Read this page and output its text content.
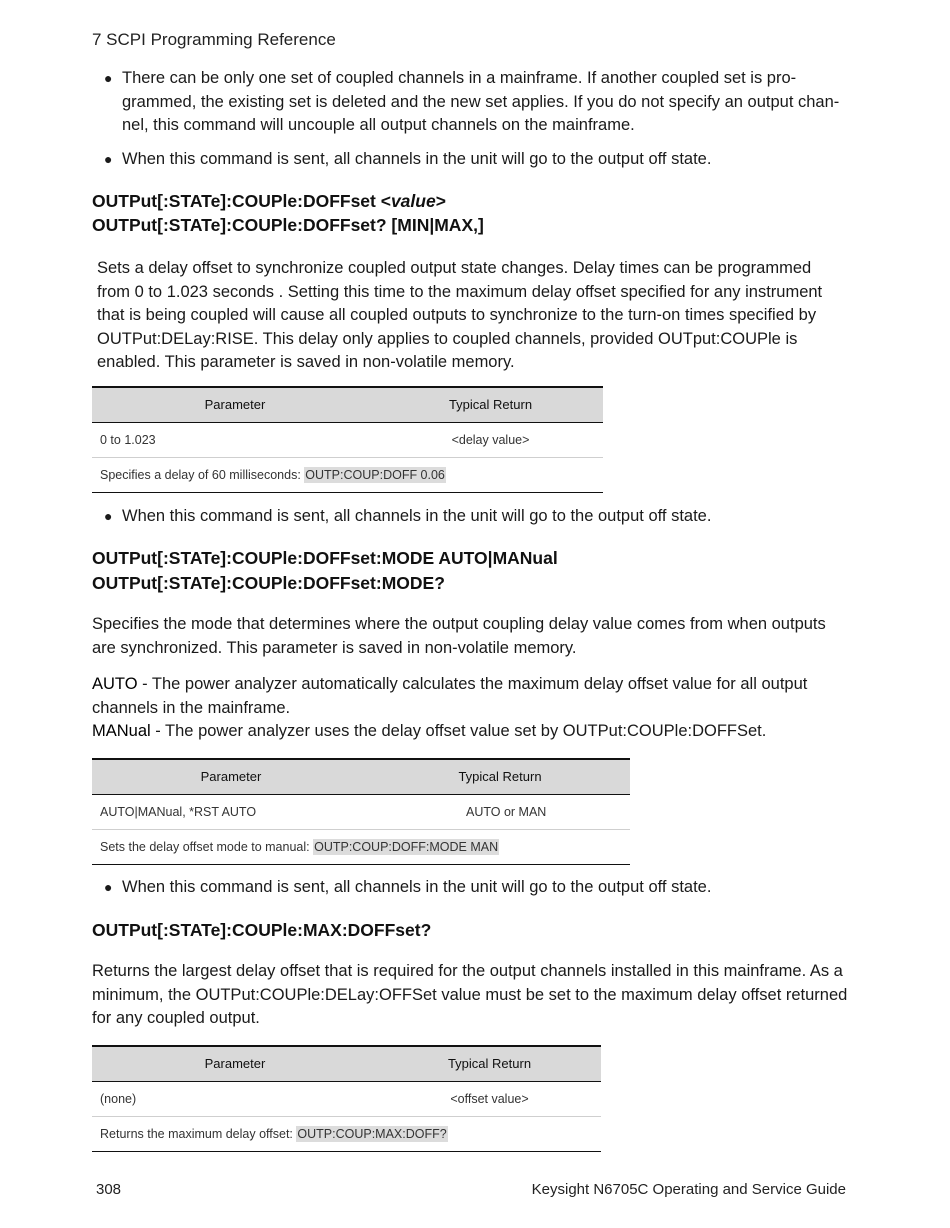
7 SCPI Programming Reference
● There can be only one set of coupled channels in a mainframe. If another coupled set is pro-grammed, the existing set is deleted and the new set applies. If you do not specify an output chan-nel, this command will uncouple all output channels on the mainframe.
● When this command is sent, all channels in the unit will go to the output off state.
OUTPut[:STATe]:COUPle:DOFFset <value>
OUTPut[:STATe]:COUPle:DOFFset? [MIN|MAX,]
Sets a delay offset to synchronize coupled output state changes. Delay times can be programmed from 0 to 1.023 seconds . Setting this time to the maximum delay offset specified for any instrument that is being coupled will cause all coupled outputs to synchronize to the turn-on times specified by OUTPut:DELay:RISE. This delay only applies to coupled channels, provided OUTput:COUPle is enabled. This parameter is saved in non-volatile memory.
Parameter	Typical Return
0 to 1.023	<delay value>
Specifies a delay of 60 milliseconds: OUTP:COUP:DOFF 0.06	
● When this command is sent, all channels in the unit will go to the output off state.
OUTPut[:STATe]:COUPle:DOFFset:MODE AUTO|MANual
OUTPut[:STATe]:COUPle:DOFFset:MODE?
Specifies the mode that determines where the output coupling delay value comes from when outputs are synchronized. This parameter is saved in non-volatile memory.
AUTO - The power analyzer automatically calculates the maximum delay offset value for all output channels in the mainframe.
MANual - The power analyzer uses the delay offset value set by OUTPut:COUPle:DOFFSet.
Parameter	Typical Return
AUTO|MANual, *RST AUTO	AUTO or MAN
Sets the delay offset mode to manual: OUTP:COUP:DOFF:MODE MAN	
● When this command is sent, all channels in the unit will go to the output off state.
OUTPut[:STATe]:COUPle:MAX:DOFFset?
Returns the largest delay offset that is required for the output channels installed in this mainframe. As a minimum, the OUTPut:COUPle:DELay:OFFSet value must be set to the maximum delay offset returned for any coupled output.
Parameter	Typical Return
(none)	<offset value>
Returns the maximum delay offset: OUTP:COUP:MAX:DOFF?	
308	Keysight N6705C Operating and Service Guide
